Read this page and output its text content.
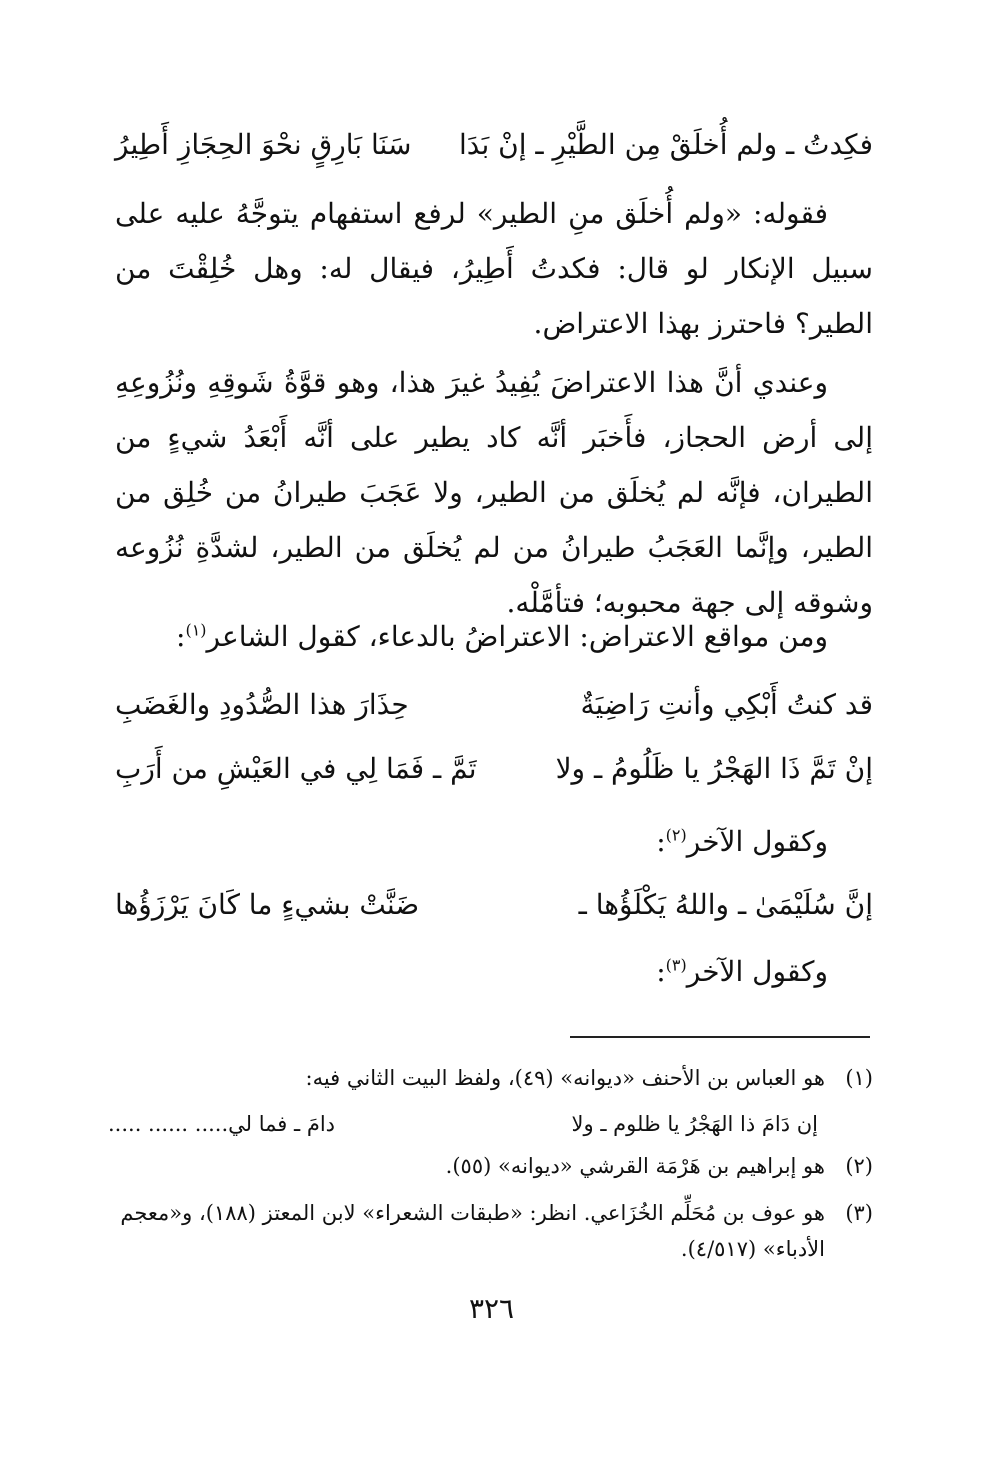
فكِدتُ ـ ولم أُخلَقْ مِن الطَّيْرِ ـ إنْ بَدَا
سَنَا بَارِقٍ نحْوَ الحِجَازِ أَطِيرُ

فقوله: «ولم أُخلَق منِ الطير» لرفع استفهام يتوجَّهُ عليه على سبيل الإنكار لو قال: فكدتُ أَطِيرُ، فيقال له: وهل خُلِقْتَ من الطير؟ فاحترز بهذا الاعتراض.

وعندي أنَّ هذا الاعتراضَ يُفِيدُ غيرَ هذا، وهو قوَّةُ شَوقِهِ ونُزُوعِهِ إلى أرض الحجاز، فأَخبَر أنَّه كاد يطير على أنَّه أَبْعَدُ شيءٍ من الطيران، فإنَّه لم يُخلَق من الطير، ولا عَجَبَ طيرانُ من خُلِق من الطير، وإنَّما العَجَبُ طيرانُ من لم يُخلَق من الطير، لشدَّةِ نُزُوعه وشوقه إلى جهة محبوبه؛ فتأمَّلْه.

ومن مواقع الاعتراض: الاعتراضُ بالدعاء، كقول الشاعر$^{(١)}$:
قد كنتُ أَبْكِي وأنتِ رَاضِيَةٌ
حِذَارَ هذا الصُّدُودِ والغَضَبِ
إنْ تَمَّ ذَا الهَجْرُ يا ظَلُومُ ـ ولا
تَمَّ ـ فَمَا لِي في العَيْشِ من أَرَبِ
وكقول الآخر$^{(٢)}$:
إنَّ سُلَيْمَىٰ ـ واللهُ يَكْلَؤُها ـ
ضَنَّتْ بشيءٍ ما كَانَ يَرْزَؤُها
وكقول الآخر$^{(٣)}$:
(١)هو العباس بن الأحنف «ديوانه» (٤٩)، ولفظ البيت الثاني فيه:
إن دَامَ ذا الهَجْرُ يا ظلوم ـ ولا
دامَ ـ فما لي..... ...... .....
(٢)هو إبراهيم بن هَرْمَة القرشي «ديوانه» (٥٥).
(٣)هو عوف بن مُحَلِّم الخُزَاعي. انظر: «طبقات الشعراء» لابن المعتز (١٨٨)، و«معجم الأدباء» (٤/٥١٧).
٣٢٦
